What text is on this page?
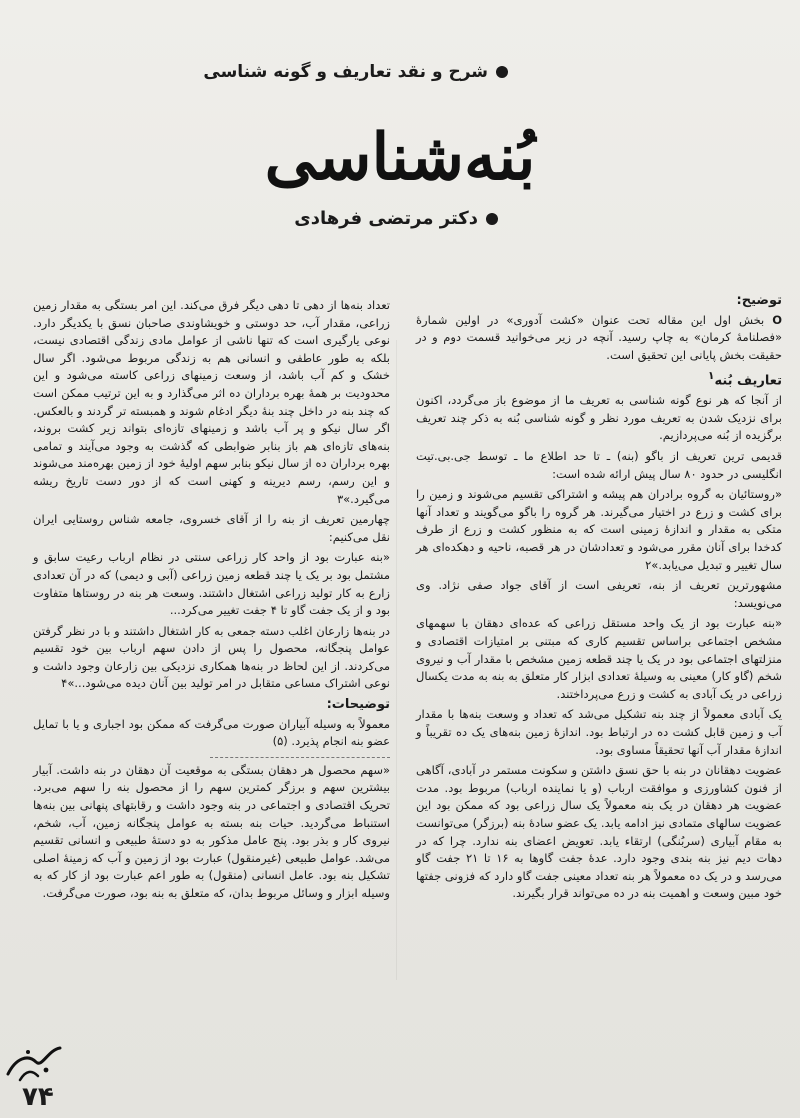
شرح و نقد تعاریف و گونه شناسی
بُنه‌شناسی
دکتر مرتضی فرهادی
توضیح:

O بخش اول این مقاله تحت عنوان «کشت آدوری» در اولین شمارهٔ «فصلنامهٔ کرمان» به چاپ رسید. آنچه در زیر می‌خوانید قسمت دوم و در حقیقت بخش پایانی این تحقیق است.

تعاریف بُنه$^۱$

از آنجا که هر نوع گونه شناسی به تعریف ما از موضوع باز می‌گردد، اکنون برای نزدیک شدن به تعریف مورد نظر و گونه شناسی بُنه به ذکر چند تعریف برگزیده از بُنه می‌پردازیم.

قدیمی ترین تعریف از باگو (بنه) ـ تا حد اطلاع ما ـ توسط جی.بی.تیت انگلیسی در حدود ۸۰ سال پیش ارائه شده است:

«روستائیان به گروه برادران هم پیشه و اشتراکی تقسیم می‌شوند و زمین را برای کشت و زرع در اختیار می‌گیرند. هر گروه را باگو می‌گویند و تعداد آنها متکی به مقدار و اندازهٔ زمینی است که به منظور کشت و زرع از طرف کدخدا برای آنان مقرر می‌شود و تعدادشان در هر قصبه، ناحیه و دهکده‌ای هر سال تغییر و تبدیل می‌یابد.»۲

مشهورترین تعریف از بنه، تعریفی است از آقای جواد صفی نژاد. وی می‌نویسد:

«بنه عبارت بود از یک واحد مستقل زراعی که عده‌ای دهقان با سهمهای مشخص اجتماعی براساس تقسیم کاری که مبتنی بر امتیازات اقتصادی و منزلتهای اجتماعی بود در یک یا چند قطعه زمین مشخص با مقدار آب و نیروی شخم (گاو کار) معینی به وسیلهٔ تعدادی ابزار کار متعلق به بنه به مدت یکسال زراعی در یک آبادی به کشت و زرع می‌پرداختند.

یک آبادی معمولاً از چند بنه تشکیل می‌شد که تعداد و وسعت بنه‌ها با مقدار آب و زمین قابل کشت ده در ارتباط بود. اندازهٔ زمین بنه‌های یک ده تقریباً و اندازهٔ مقدار آب آنها تحقیقاً مساوی بود.

عضویت دهقانان در بنه با حق نسق داشتن و سکونت مستمر در آبادی، آگاهی از فنون کشاورزی و موافقت ارباب (و یا نماینده ارباب) مربوط بود. مدت عضویت هر دهقان در یک بنه معمولاً یک سال زراعی بود که ممکن بود این عضویت سالهای متمادی نیز ادامه یابد. یک عضو سادهٔ بنه (برزگر) می‌توانست به مقام آبیاری (سربُنگی) ارتقاء یابد. تعویض اعضای بنه ندارد. چرا که در دهات دیم نیز بنه بندی وجود دارد. عدهٔ جفت گاوها به ۱۶ تا ۲۱ جفت گاو می‌رسد و در یک ده معمولاً هر بنه تعداد معینی جفت گاو دارد که فزونی جفتها خود مبین وسعت و اهمیت بنه در ده می‌تواند قرار بگیرند.

تعداد بنه‌ها از دهی تا دهی دیگر فرق می‌کند. این امر بستگی به مقدار زمین زراعی، مقدار آب، حد دوستی و خویشاوندی صاحبان نسق با یکدیگر دارد. نوعی یارگیری است که تنها ناشی از عوامل مادی زندگی اقتصادی نیست، بلکه به طور عاطفی و انسانی هم به زندگی مربوط می‌شود. اگر سال خشک و کم آب باشد، از وسعت زمینهای زراعی کاسته می‌شود و این محدودیت بر همهٔ بهره برداران ده اثر می‌گذارد و به این ترتیب ممکن است که چند بنه در داخل چند بنهٔ دیگر ادغام شوند و همبسته تر گردند و بالعکس. اگر سال نیکو و پر آب باشد و زمینهای تازه‌ای بتواند زیر کشت بروند، بنه‌های تازه‌ای هم باز بنابر ضوابطی که گذشت به وجود می‌آیند و تمامی بهره برداران ده از سال نیکو بنابر سهم اولیهٔ خود از زمین بهره‌مند می‌شوند و این رسم، رسم دیرینه و کهنی است که از دور دست تاریخ ریشه می‌گیرد.»۳

چهارمین تعریف از بنه را از آقای خسروی، جامعه شناس روستایی ایران نقل می‌کنیم:

«بنه عبارت بود از واحد کار زراعی سنتی در نظام ارباب رعیت سابق و مشتمل بود بر یک یا چند قطعه زمین زراعی (آبی و دیمی) که در آن تعدادی زارع به کار تولید زراعی اشتغال داشتند. وسعت هر بنه در روستاها متفاوت بود و از یک جفت گاو تا ۴ جفت تغییر می‌کرد...

در بنه‌ها زارعان اغلب دسته جمعی به کار اشتغال داشتند و با در نظر گرفتن عوامل پنجگانه، محصول را پس از دادن سهم ارباب بین خود تقسیم می‌کردند. از این لحاظ در بنه‌ها همکاری نزدیکی بین زارعان وجود داشت و نوعی اشتراک مساعی متقابل در امر تولید بین آنان دیده می‌شود...»۴

توضیحات:

معمولاً به وسیله آبیاران صورت می‌گرفت که ممکن بود اجباری و یا با تمایل عضو بنه انجام پذیرد. (۵)

«سهم محصول هر دهقان بستگی به موقعیت آن دهقان در بنه داشت. آبیار بیشترین سهم و برزگر کمترین سهم را از محصول بنه را سهم می‌برد. تحریک اقتصادی و اجتماعی در بنه وجود داشت و رقابتهای پنهانی بین بنه‌ها استنباط می‌گردید. حیات بنه بسته به عوامل پنجگانه زمین، آب، شخم، نیروی کار و بذر بود. پنج عامل مذکور به دو دستهٔ طبیعی و انسانی تقسیم می‌شد. عوامل طبیعی (غیرمنقول) عبارت بود از زمین و آب که زمینهٔ اصلی تشکیل بنه بود. عامل انسانی (منقول) به طور اعم عبارت بود از کار که به وسیله ابزار و وسائل مربوط بدان، که متعلق به بنه بود، صورت می‌گرفت.

۷۴
